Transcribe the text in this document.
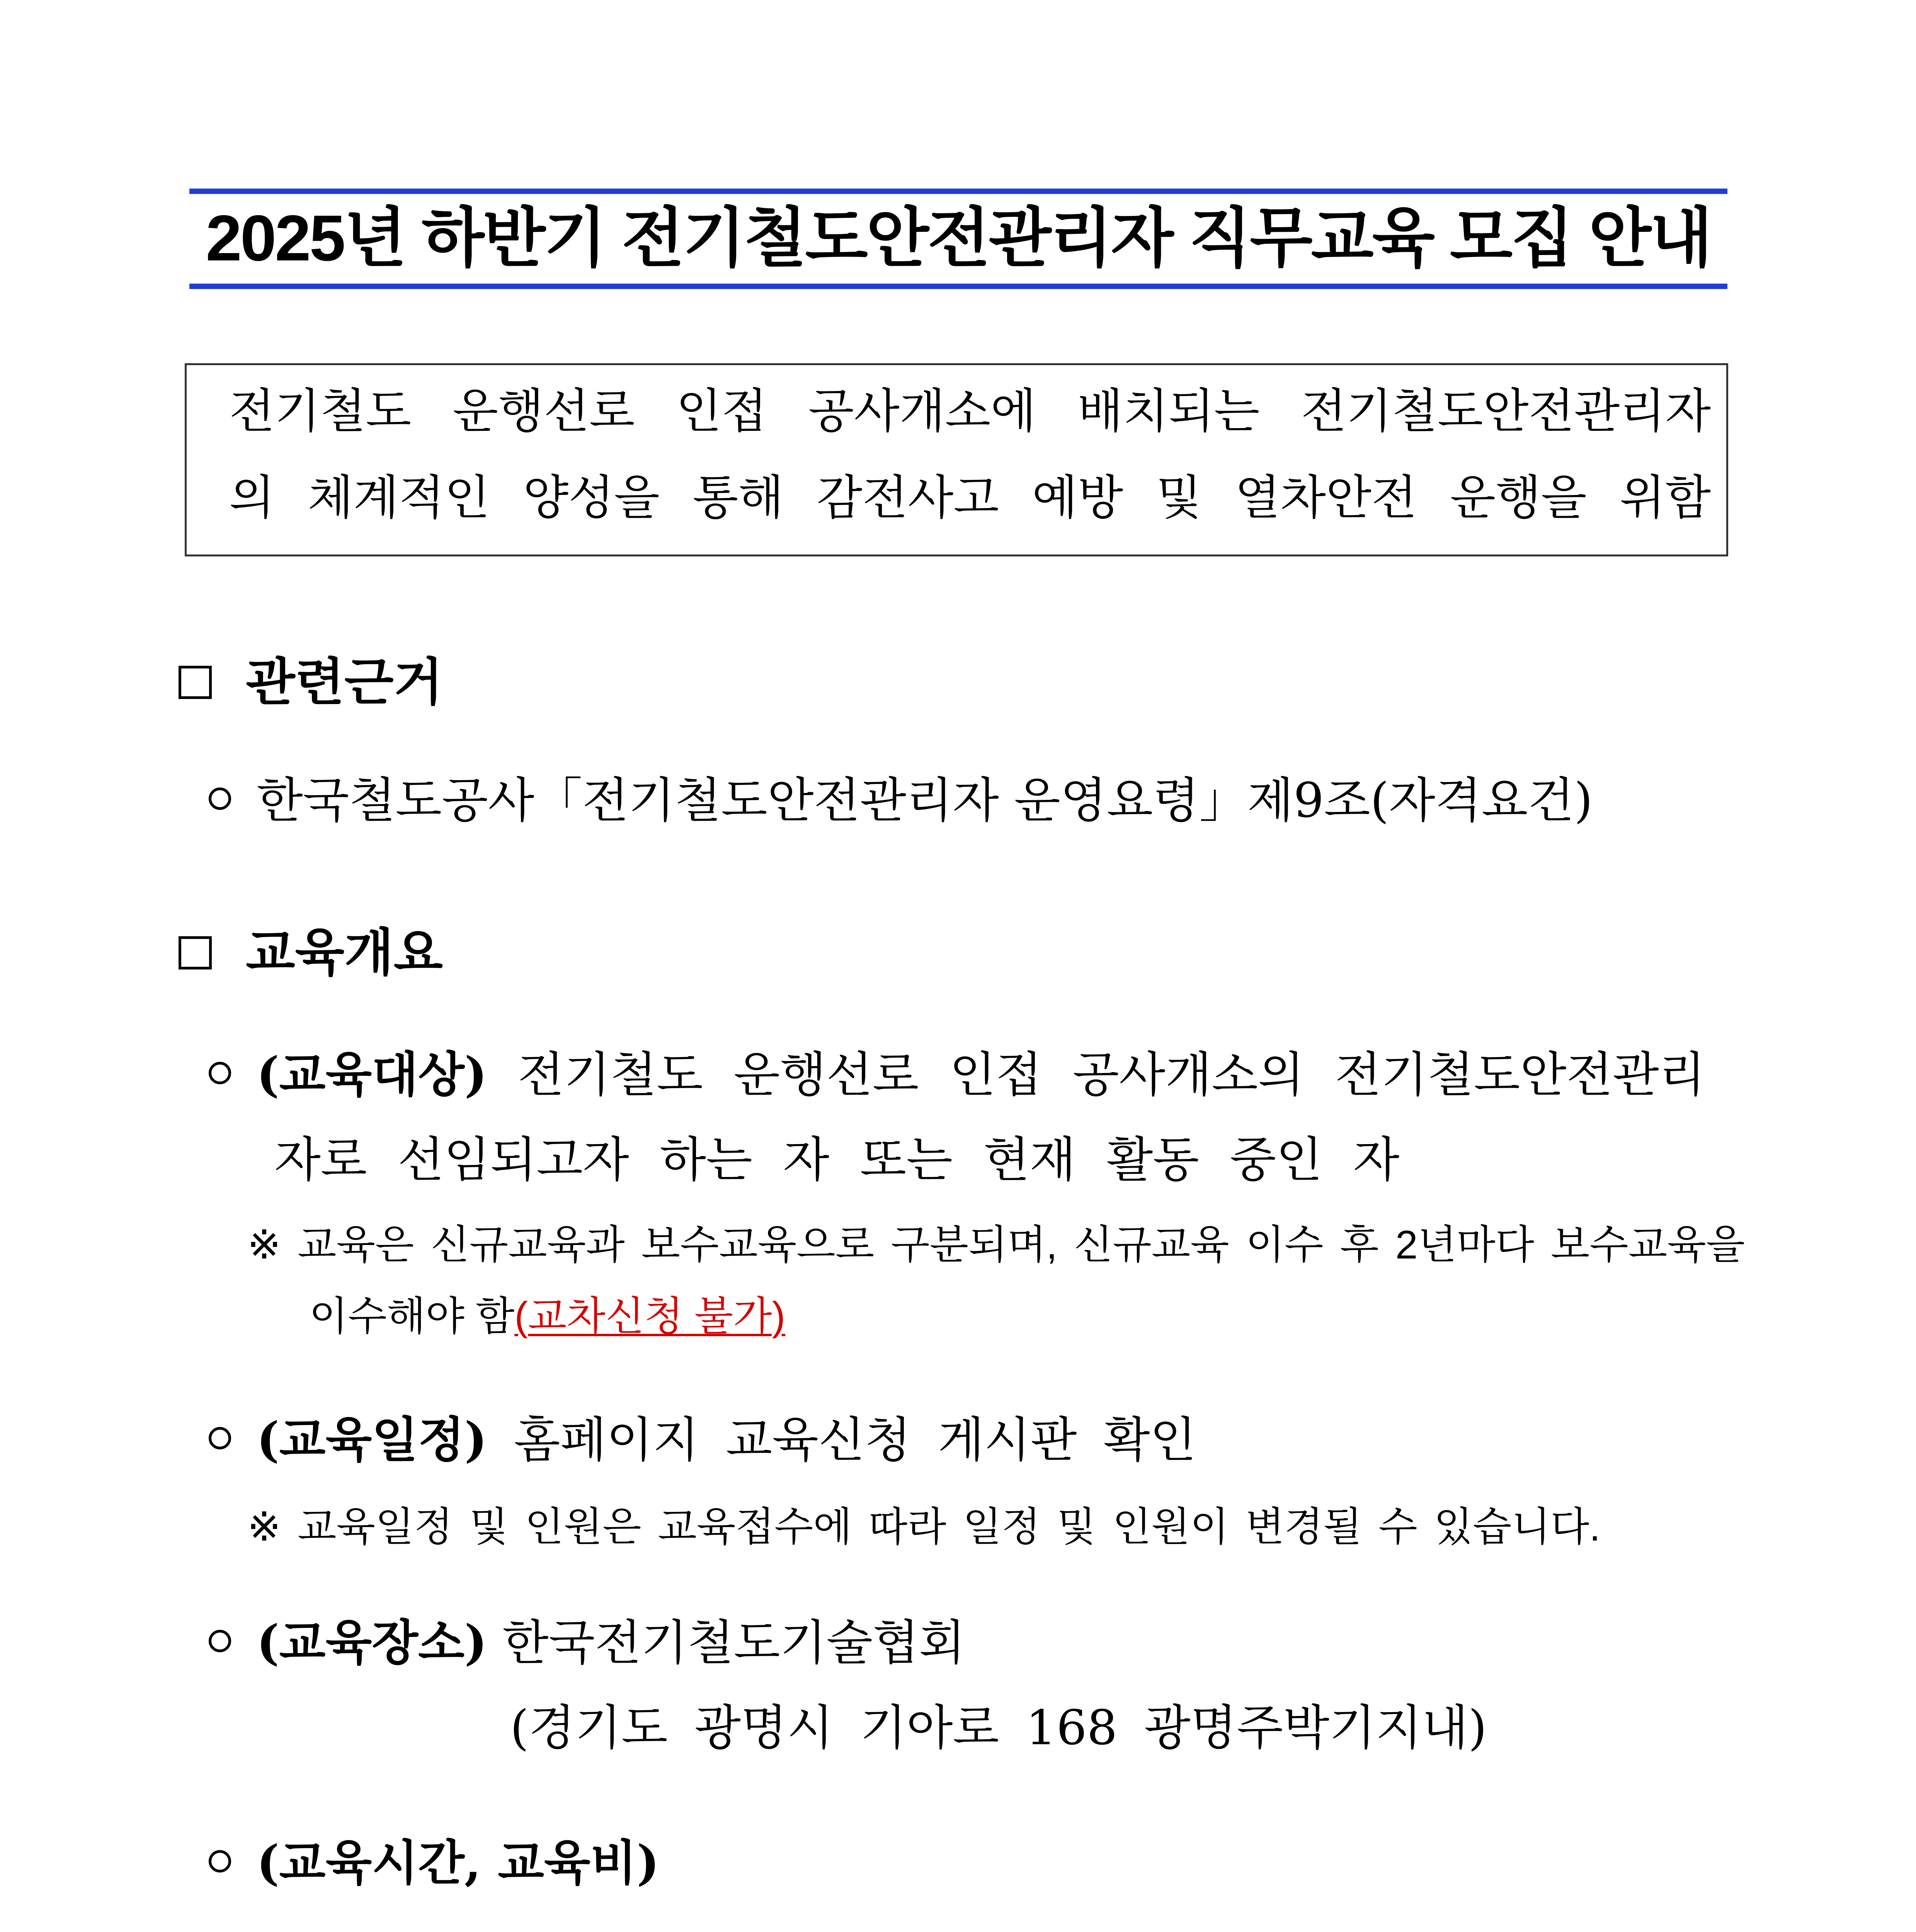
2025년 하반기 전기철도안전관리자 직무교육 모집 안내
전기철도 운행선로 인접 공사개소에 배치되는 전기철도안전관리자
의 체계적인 양성을 통해 감전사고 예방 및 열차안전 운행을 위함
관련근거
한국철도공사「전기철도안전관리자 운영요령」제9조(자격요건)
교육개요
(교육대상) 전기철도 운행선로 인접 공사개소의 전기철도안전관리
자로 선임되고자 하는 자 또는 현재 활동 중인 자
※ 교육은 신규교육과 보수교육으로 구분되며, 신규교육 이수 후 2년마다 보수교육을
이수해야 함(교차신청 불가)
(교육일정) 홈페이지 교육신청 게시판 확인
※ 교육일정 및 인원은 교육접수에 따라 일정 및 인원이 변경될 수 있습니다.
(교육장소) 한국전기철도기술협회
(경기도 광명시 기아로 168 광명주박기지내)
(교육시간, 교육비)
